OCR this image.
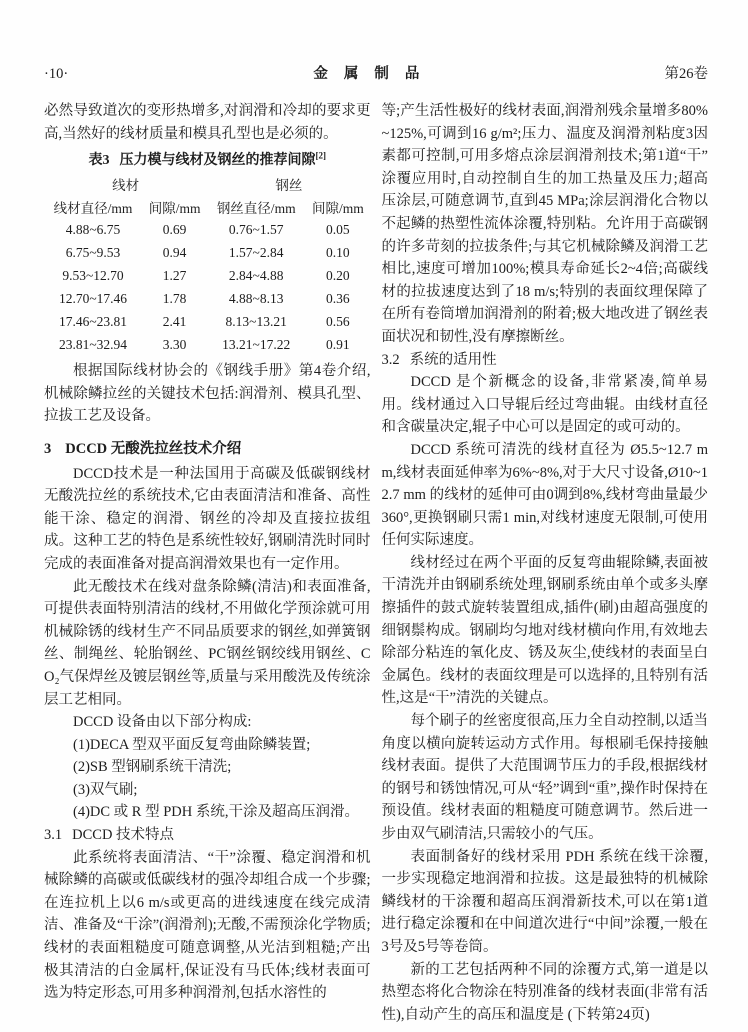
·10·	金属制品	第26卷

必然导致道次的变形热增多,对润滑和冷却的要求更高,当然好的线材质量和模具孔型也是必须的。

表3 压力模与线材及钢丝的推荐间隙[2]
线材		钢丝	
线材直径/mm	间隙/mm	钢丝直径/mm	间隙/mm
4.88~6.75	0.69	0.76~1.57	0.05
6.75~9.53	0.94	1.57~2.84	0.10
9.53~12.70	1.27	2.84~4.88	0.20
12.70~17.46	1.78	4.88~8.13	0.36
17.46~23.81	2.41	8.13~13.21	0.56
23.81~32.94	3.30	13.21~17.22	0.91

根据国际线材协会的《钢线手册》第4卷介绍,机械除鳞拉丝的关键技术包括:润滑剂、模具孔型、拉拔工艺及设备。

3 DCCD 无酸洗拉丝技术介绍

DCCD技术是一种法国用于高碳及低碳钢线材无酸洗拉丝的系统技术,它由表面清洁和准备、高性能干涂、稳定的润滑、钢丝的冷却及直接拉拔组成。这种工艺的特色是系统性较好,钢刷清洗时同时完成的表面准备对提高润滑效果也有一定作用。

此无酸技术在线对盘条除鳞(清洁)和表面准备,可提供表面特别清洁的线材,不用做化学预涂就可用机械除锈的线材生产不同品质要求的钢丝,如弹簧钢丝、制绳丝、轮胎钢丝、PC钢丝钢绞线用钢丝、CO₂气保焊丝及镀层钢丝等,质量与采用酸洗及传统涂层工艺相同。

DCCD 设备由以下部分构成:

(1)DECA 型双平面反复弯曲除鳞装置;

(2)SB 型钢刷系统干清洗;

(3)双气刷;

(4)DC 或 R 型 PDH 系统,干涂及超高压润滑。

3.1 DCCD 技术特点

此系统将表面清洁、“干”涂覆、稳定润滑和机械除鳞的高碳或低碳线材的强冷却组合成一个步骤;在连拉机上以6 m/s或更高的进线速度在线完成清洁、准备及“干涂”(润滑剂);无酸,不需预涂化学物质;线材的表面粗糙度可随意调整,从光洁到粗糙;产出极其清洁的白金属杆,保证没有马氏体;线材表面可选为特定形态,可用多种润滑剂,包括水溶性的

等;产生活性极好的线材表面,润滑剂残余量增多80%~125%,可调到16 g/m²;压力、温度及润滑剂粘度3因素都可控制,可用多熔点涂层润滑剂技术;第1道“干”涂覆应用时,自动控制自生的加工热量及压力;超高压涂层,可随意调节,直到45 MPa;涂层润滑化合物以不起鳞的热塑性流体涂覆,特别粘。允许用于高碳钢的许多苛刻的拉拔条件;与其它机械除鳞及润滑工艺相比,速度可增加100%;模具寿命延长2~4倍;高碳线材的拉拔速度达到了18 m/s;特别的表面纹理保障了在所有卷筒增加润滑剂的附着;极大地改进了钢丝表面状况和韧性,没有摩擦断丝。

3.2 系统的适用性

DCCD 是个新概念的设备,非常紧凑,简单易用。线材通过入口导辊后经过弯曲辊。由线材直径和含碳量决定,辊子中心可以是固定的或可动的。

DCCD 系统可清洗的线材直径为 Ø5.5~12.7 mm,线材表面延伸率为6%~8%,对于大尺寸设备,Ø10~12.7 mm 的线材的延伸可由0调到8%,线材弯曲量最少360°,更换钢刷只需1 min,对线材速度无限制,可使用任何实际速度。

线材经过在两个平面的反复弯曲辊除鳞,表面被干清洗并由钢刷系统处理,钢刷系统由单个或多头摩擦插件的鼓式旋转装置组成,插件(刷)由超高强度的细钢鬃构成。钢刷均匀地对线材横向作用,有效地去除部分粘连的氧化皮、锈及灰尘,使线材的表面呈白金属色。线材的表面纹理是可以选择的,且特别有活性,这是“干”清洗的关键点。

每个刷子的丝密度很高,压力全自动控制,以适当角度以横向旋转运动方式作用。每根刷毛保持接触线材表面。提供了大范围调节压力的手段,根据线材的钢号和锈蚀情况,可从“轻”调到“重”,操作时保持在预设值。线材表面的粗糙度可随意调节。然后进一步由双气刷清洁,只需较小的气压。

表面制备好的线材采用 PDH 系统在线干涂覆,一步实现稳定地润滑和拉拔。这是最独特的机械除鳞线材的干涂覆和超高压润滑新技术,可以在第1道进行稳定涂覆和在中间道次进行“中间”涂覆,一般在3号及5号等卷筒。

新的工艺包括两种不同的涂覆方式,第一道是以热塑态将化合物涂在特别准备的线材表面(非常有活性),自动产生的高压和温度是 (下转第24页)
